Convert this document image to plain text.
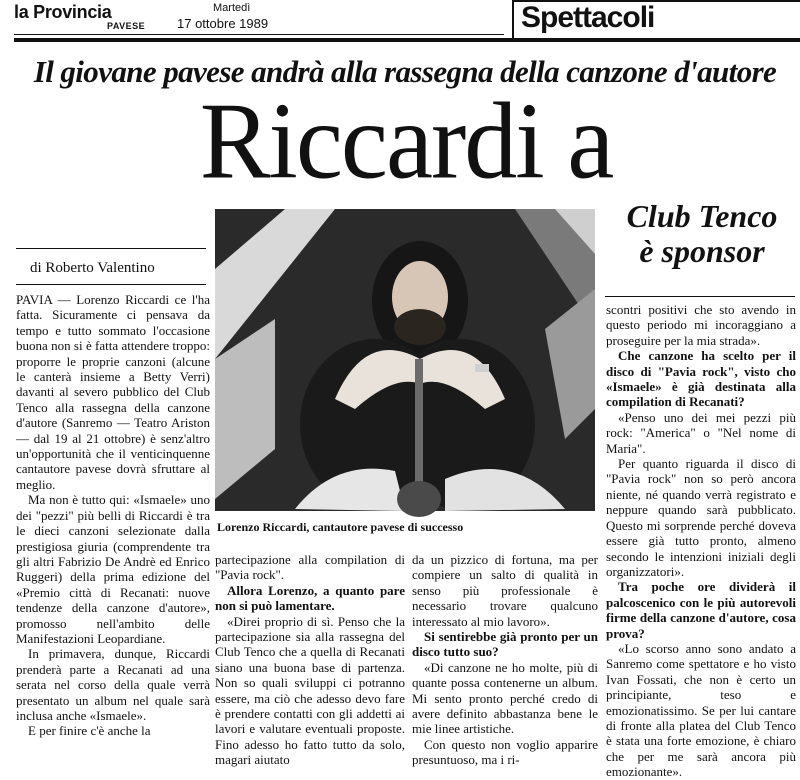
la Provincia
PAVESE
Martedì
17 ottobre 1989	Spettacoli
Il giovane pavese andrà alla rassegna della canzone d'autore
Riccardi a
di Roberto Valentino
Lorenzo Riccardi, cantautore pavese di successo
Club Tenco
è sponsor

PAVIA — Lorenzo Riccardi ce l'ha fatta. Sicuramente ci pensava da tempo e tutto sommato l'occasione buona non si è fatta attendere troppo: proporre le proprie canzoni (alcune le canterà insieme a Betty Verri) davanti al severo pubblico del Club Tenco alla rassegna della canzone d'autore (Sanremo — Teatro Ariston — dal 19 al 21 ottobre) è senz'altro un'opportunità che il venticinquenne cantautore pavese dovrà sfruttare al meglio.

Ma non è tutto qui: «Ismaele» uno dei "pezzi" più belli di Riccardi è tra le dieci canzoni selezionate dalla prestigiosa giuria (comprendente tra gli altri Fabrizio De Andrè ed Enrico Ruggeri) della prima edizione del «Premio città di Recanati: nuove tendenze della canzone d'autore», promosso nell'ambito delle Manifestazioni Leopardiane.

In primavera, dunque, Riccardi prenderà parte a Recanati ad una serata nel corso della quale verrà presentato un album nel quale sarà inclusa anche «Ismaele».

E per finire c'è anche la

partecipazione alla compilation di "Pavia rock".

Allora Lorenzo, a quanto pare non si può lamentare.

«Direi proprio di sì. Penso che la partecipazione sia alla rassegna del Club Tenco che a quella di Recanati siano una buona base di partenza. Non so quali sviluppi ci potranno essere, ma ciò che adesso devo fare è prendere contatti con gli addetti ai lavori e valutare eventuali proposte. Fino adesso ho fatto tutto da solo, magari aiutato

da un pizzico di fortuna, ma per compiere un salto di qualità in senso più professionale è necessario trovare qualcuno interessato al mio lavoro».

Si sentirebbe già pronto per un disco tutto suo?

«Di canzone ne ho molte, più di quante possa contenerne un album. Mi sento pronto perché credo di avere definito abbastanza bene le mie linee artistiche.

Con questo non voglio apparire presuntuoso, ma i ri-

scontri positivi che sto avendo in questo periodo mi incoraggiano a proseguire per la mia strada».

Che canzone ha scelto per il disco di "Pavia rock", visto cho «Ismaele» è già destinata alla compilation di Recanati?

«Penso uno dei mei pezzi più rock: "America" o "Nel nome di Maria".

Per quanto riguarda il disco di "Pavia rock" non so però ancora niente, né quando verrà registrato e neppure quando sarà pubblicato. Questo mi sorprende perché doveva essere già tutto pronto, almeno secondo le intenzioni iniziali degli organizzatori».

Tra poche ore dividerà il palcoscenico con le più autorevoli firme della canzone d'autore, cosa prova?

«Lo scorso anno sono andato a Sanremo come spettatore e ho visto Ivan Fossati, che non è certo un principiante, teso e emozionatissimo. Se per lui cantare di fronte alla platea del Club Tenco è stata una forte emozione, è chiaro che per me sarà ancora più emozionante».
